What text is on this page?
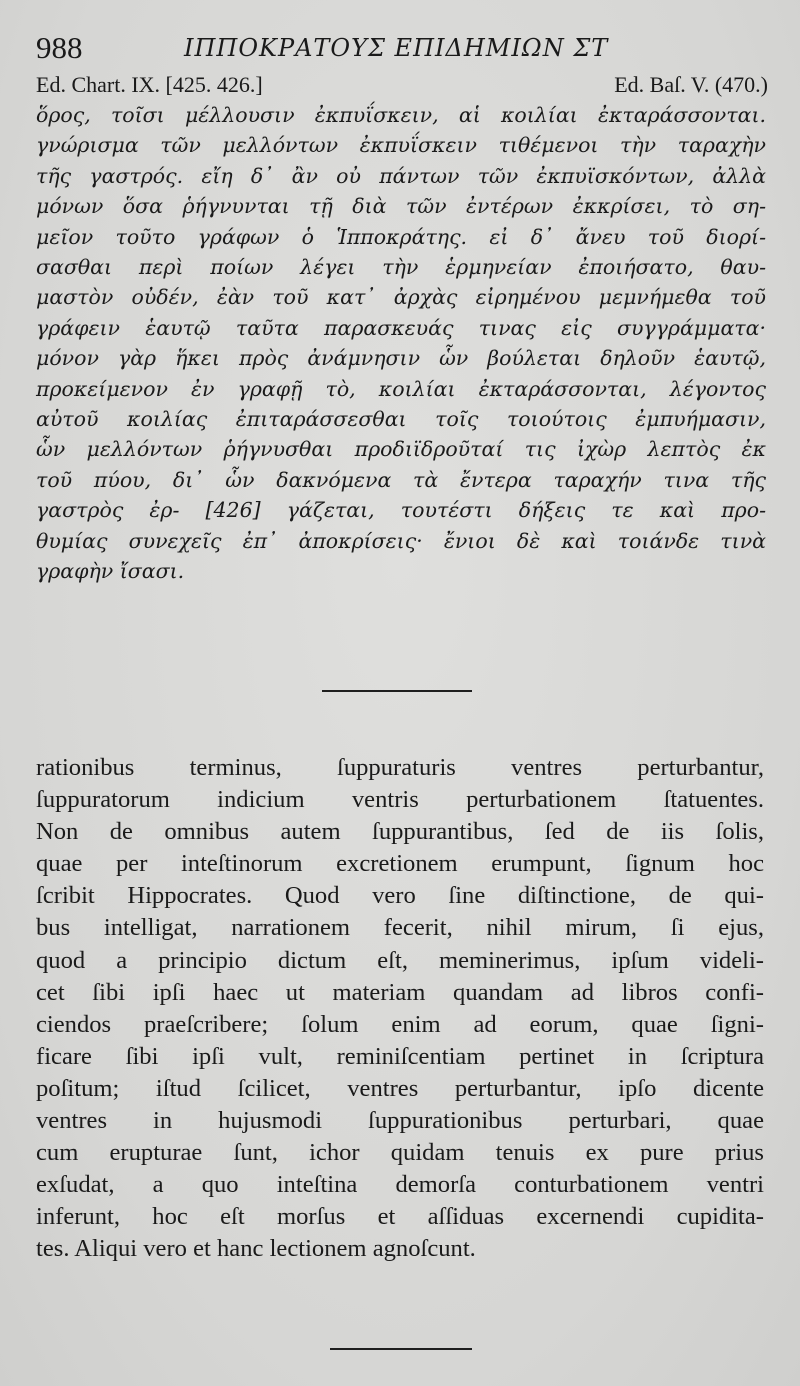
988	ΙΠΠΟΚΡΑΤΟΥΣ ΕΠΙΔΗΜΙΩΝ ΣΤ
Ed. Chart. IX. [425. 426.]	Ed. Baſ. V. (470.)
ὅρος, τοῖσι μέλλουσιν ἐκπυΐσκειν, αἱ κοιλίαι ἐκταράσσονται.
γνώρισμα τῶν μελλόντων ἐκπυΐσκειν τιθέμενοι τὴν ταραχὴν
τῆς γαστρός. εἴη δ᾽ ἂν οὐ πάντων τῶν ἐκπυϊσκόντων, ἀλλὰ
μόνων ὅσα ῥήγνυνται τῇ διὰ τῶν ἐντέρων ἐκκρίσει, τὸ ση-
μεῖον τοῦτο γράφων ὁ Ἱπποκράτης. εἰ δ᾽ ἄνευ τοῦ διορί-
σασθαι περὶ ποίων λέγει τὴν ἑρμηνείαν ἐποιήσατο, θαυ-
μαστὸν οὐδέν, ἐὰν τοῦ κατ᾽ ἀρχὰς εἰρημένου μεμνήμεθα τοῦ
γράφειν ἑαυτῷ ταῦτα παρασκευάς τινας εἰς συγγράμματα·
μόνον γὰρ ἥκει πρὸς ἀνάμνησιν ὧν βούλεται δηλοῦν ἑαυτῷ,
προκείμενον ἐν γραφῇ τὸ, κοιλίαι ἐκταράσσονται, λέγοντος
αὐτοῦ κοιλίας ἐπιταράσσεσθαι τοῖς τοιούτοις ἐμπυήμασιν,
ὧν μελλόντων ῥήγνυσθαι προδιϊδροῦταί τις ἰχὼρ λεπτὸς ἐκ
τοῦ πύου, δι᾽ ὧν δακνόμενα τὰ ἔντερα ταραχήν τινα τῆς
γαστρὸς ἐρ- [426] γάζεται, τουτέστι δήξεις τε καὶ προ-
θυμίας συνεχεῖς ἐπ᾽ ἀποκρίσεις· ἔνιοι δὲ καὶ τοιάνδε τινὰ
γραφὴν ἴσασι.
rationibus terminus, ſuppuraturis ventres perturbantur,
ſuppuratorum indicium ventris perturbationem ſtatuentes.
Non de omnibus autem ſuppurantibus, ſed de iis ſolis,
quae per inteſtinorum excretionem erumpunt, ſignum hoc
ſcribit Hippocrates. Quod vero ſine diſtinctione, de qui-
bus intelligat, narrationem fecerit, nihil mirum, ſi ejus,
quod a principio dictum eſt, meminerimus, ipſum videli-
cet ſibi ipſi haec ut materiam quandam ad libros confi-
ciendos praeſcribere; ſolum enim ad eorum, quae ſigni-
ficare ſibi ipſi vult, reminiſcentiam pertinet in ſcriptura
poſitum; iſtud ſcilicet, ventres perturbantur, ipſo dicente
ventres in hujusmodi ſuppurationibus perturbari, quae
cum erupturae ſunt, ichor quidam tenuis ex pure prius
exſudat, a quo inteſtina demorſa conturbationem ventri
inferunt, hoc eſt morſus et aſſiduas excernendi cupidita-
tes. Aliqui vero et hanc lectionem agnoſcunt.
